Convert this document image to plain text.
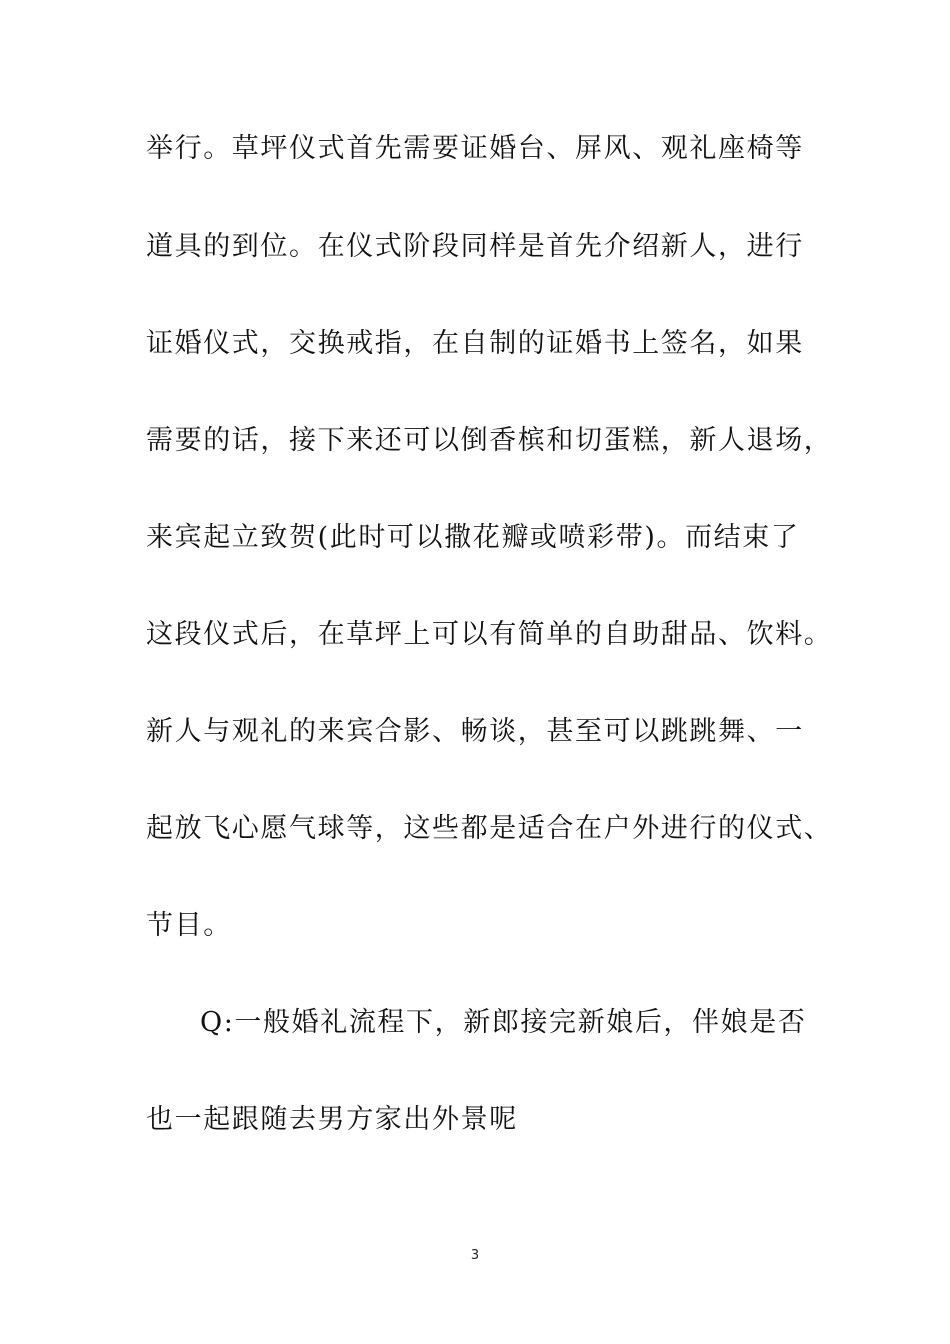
举行。草坪仪式首先需要证婚台、屏风、观礼座椅等
道具的到位。在仪式阶段同样是首先介绍新人，进行
证婚仪式，交换戒指，在自制的证婚书上签名，如果
需要的话，接下来还可以倒香槟和切蛋糕，新人退场，
来宾起立致贺(此时可以撒花瓣或喷彩带)。而结束了
这段仪式后，在草坪上可以有简单的自助甜品、饮料。
新人与观礼的来宾合影、畅谈，甚至可以跳跳舞、一
起放飞心愿气球等，这些都是适合在户外进行的仪式、
节目。
Q:一般婚礼流程下，新郎接完新娘后，伴娘是否
也一起跟随去男方家出外景呢
3
